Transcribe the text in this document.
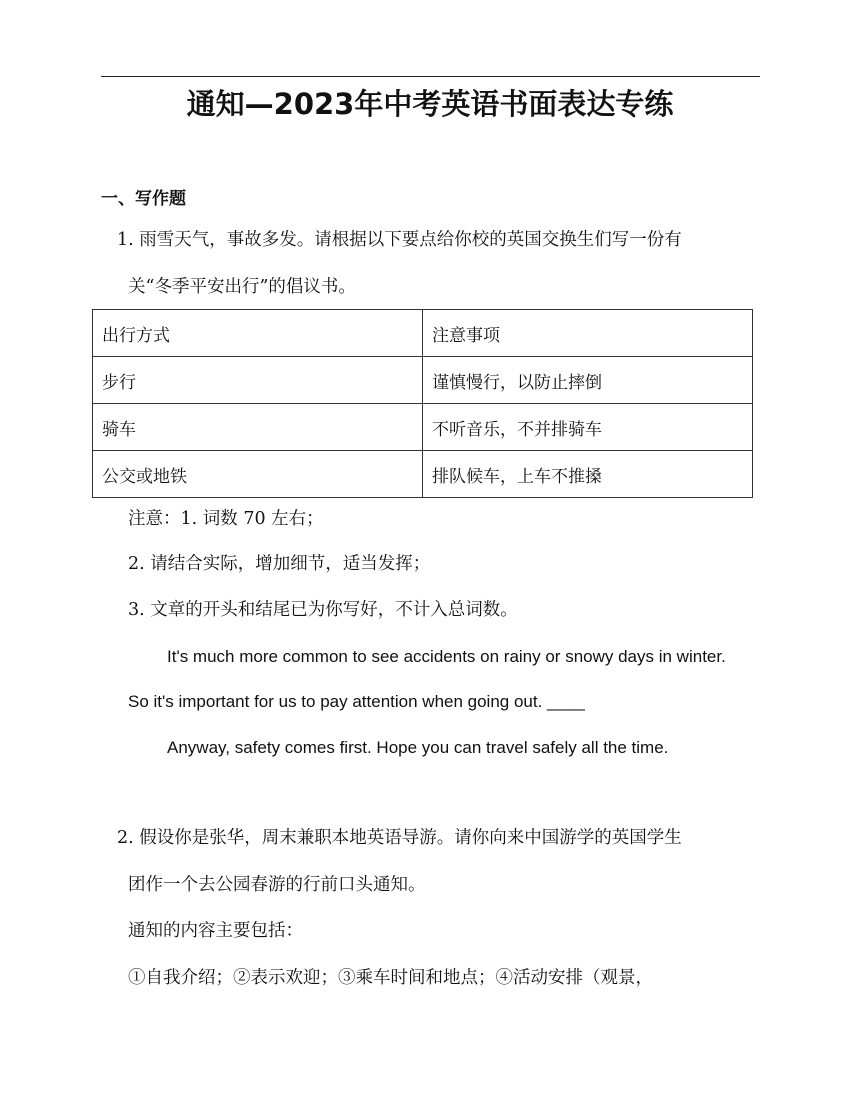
通知—2023年中考英语书面表达专练

一、写作题

1. 雨雪天气，事故多发。请根据以下要点给你校的英国交换生们写一份有

关“冬季平安出行”的倡议书。

出行方式	注意事项
步行	谨慎慢行，以防止摔倒
骑车	不听音乐，不并排骑车
公交或地铁	排队候车，上车不推搡

注意：1. 词数 70 左右；

2. 请结合实际，增加细节，适当发挥；

3. 文章的开头和结尾已为你写好，不计入总词数。

It's much more common to see accidents on rainy or snowy days in winter.

So it's important for us to pay attention when going out. ____

Anyway, safety comes first. Hope you can travel safely all the time.

2. 假设你是张华，周末兼职本地英语导游。请你向来中国游学的英国学生

团作一个去公园春游的行前口头通知。

通知的内容主要包括：

①自我介绍；②表示欢迎；③乘车时间和地点；④活动安排（观景，
